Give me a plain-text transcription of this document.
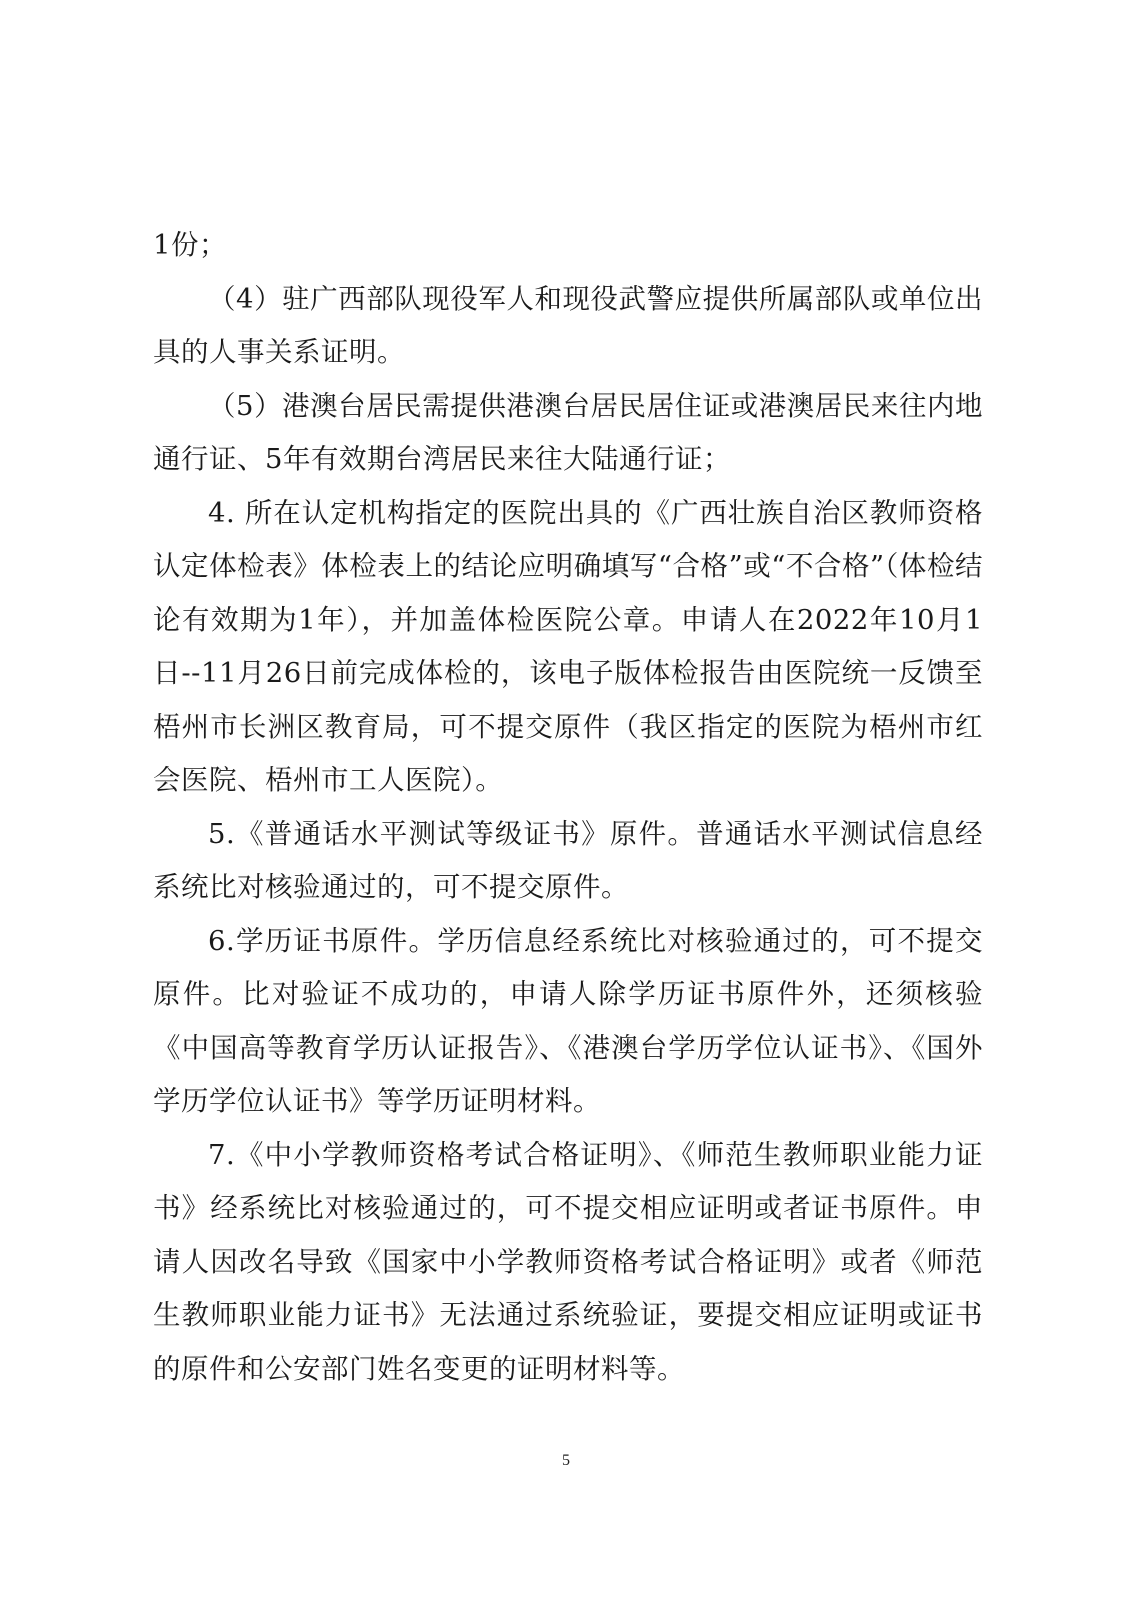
1份；

（4）驻广西部队现役军人和现役武警应提供所属部队或单位出具的人事关系证明。

（5）港澳台居民需提供港澳台居民居住证或港澳居民来往内地通行证、5年有效期台湾居民来往大陆通行证；

4. 所在认定机构指定的医院出具的《广西壮族自治区教师资格认定体检表》体检表上的结论应明确填写“合格”或“不合格”（体检结论有效期为1年），并加盖体检医院公章。申请人在2022年10月1日--11月26日前完成体检的，该电子版体检报告由医院统一反馈至梧州市长洲区教育局，可不提交原件（我区指定的医院为梧州市红会医院、梧州市工人医院）。

5.《普通话水平测试等级证书》原件。普通话水平测试信息经系统比对核验通过的，可不提交原件。

6.学历证书原件。学历信息经系统比对核验通过的，可不提交原件。比对验证不成功的，申请人除学历证书原件外，还须核验《中国高等教育学历认证报告》、《港澳台学历学位认证书》、《国外学历学位认证书》等学历证明材料。

7.《中小学教师资格考试合格证明》、《师范生教师职业能力证书》经系统比对核验通过的，可不提交相应证明或者证书原件。申请人因改名导致《国家中小学教师资格考试合格证明》或者《师范生教师职业能力证书》无法通过系统验证，要提交相应证明或证书的原件和公安部门姓名变更的证明材料等。

5
